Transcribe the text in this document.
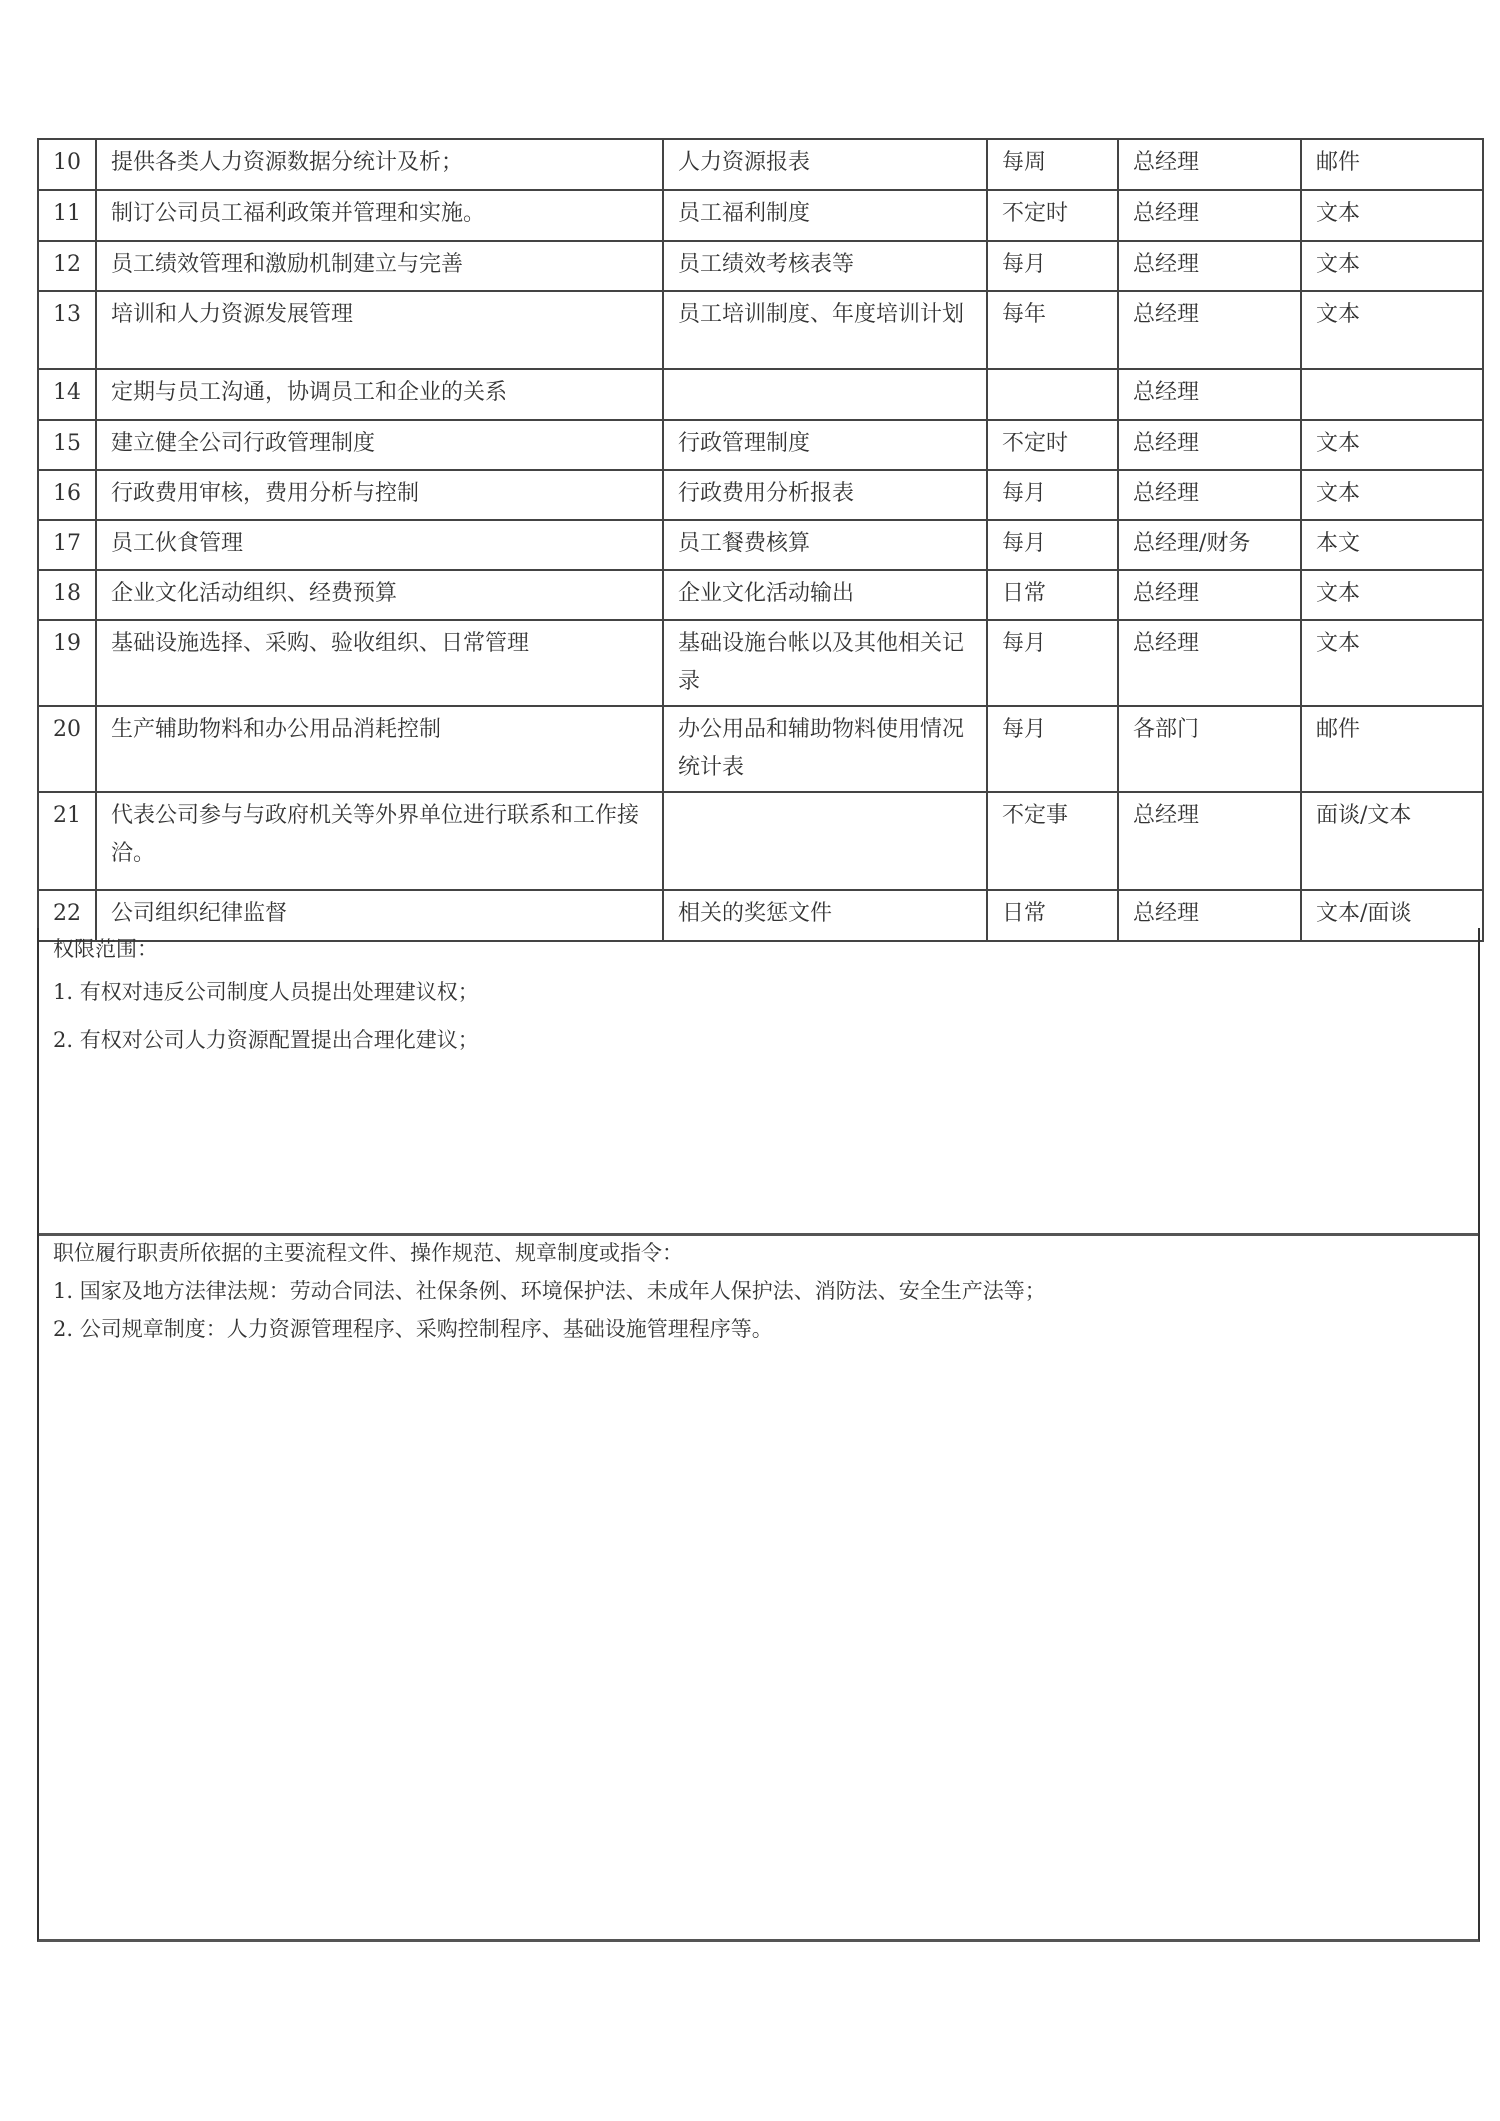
10	提供各类人力资源数据分统计及析；	人力资源报表	每周	总经理	邮件
11	制订公司员工福利政策并管理和实施。	员工福利制度	不定时	总经理	文本
12	员工绩效管理和激励机制建立与完善	员工绩效考核表等	每月	总经理	文本
13	培训和人力资源发展管理	员工培训制度、年度培训计划	每年	总经理	文本
14	定期与员工沟通，协调员工和企业的关系			总经理	
15	建立健全公司行政管理制度	行政管理制度	不定时	总经理	文本
16	行政费用审核，费用分析与控制	行政费用分析报表	每月	总经理	文本
17	员工伙食管理	员工餐费核算	每月	总经理/财务	本文
18	企业文化活动组织、经费预算	企业文化活动输出	日常	总经理	文本
19	基础设施选择、采购、验收组织、日常管理	基础设施台帐以及其他相关记录	每月	总经理	文本
20	生产辅助物料和办公用品消耗控制	办公用品和辅助物料使用情况统计表	每月	各部门	邮件
21	代表公司参与与政府机关等外界单位进行联系和工作接洽。		不定事	总经理	面谈/文本
22	公司组织纪律监督	相关的奖惩文件	日常	总经理	文本/面谈

权限范围：

1. 有权对违反公司制度人员提出处理建议权；

2. 有权对公司人力资源配置提出合理化建议；

职位履行职责所依据的主要流程文件、操作规范、规章制度或指令：

1. 国家及地方法律法规：劳动合同法、社保条例、环境保护法、未成年人保护法、消防法、安全生产法等；

2. 公司规章制度：人力资源管理程序、采购控制程序、基础设施管理程序等。
